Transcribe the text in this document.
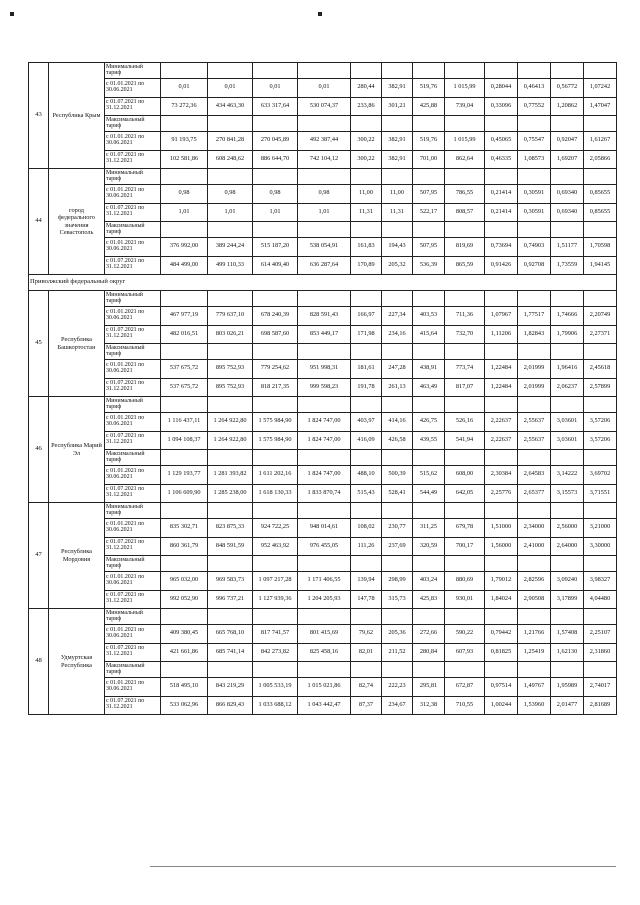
43	Республика Крым	Минимальный тариф												
		с 01.01.2021 по 30.06.2021	0,01	0,01	0,01	0,01	280,44	382,91	519,76	1 015,99	0,28044	0,46413	0,56772	1,07242
		с 01.07.2021 по 31.12.2021	73 272,36	434 463,30	633 317,64	530 074,37	233,86	301,21	425,88	739,04	0,33096	0,77552	1,20862	1,47047
		Максимальный тариф												
		с 01.01.2021 по 30.06.2021	91 193,75	270 841,28	270 045,89	492 387,44	300,22	382,91	519,76	1 015,99	0,45065	0,75547	0,92047	1,61267
		с 01.07.2021 по 31.12.2021	102 581,86	608 248,62	886 644,70	742 104,12	300,22	382,91	701,00	862,64	0,46335	1,08573	1,69207	2,05866
44	город федерального значения Севастополь	Минимальный тариф												
		с 01.01.2021 по 30.06.2021	0,98	0,98	0,98	0,98	11,00	11,00	507,95	786,55	0,21414	0,30591	0,69340	0,85655
		с 01.07.2021 по 31.12.2021	1,01	1,01	1,01	1,01	11,31	11,31	522,17	808,57	0,21414	0,30591	0,69340	0,85655
		Максимальный тариф												
		с 01.01.2021 по 30.06.2021	376 992,00	389 244,24	515 187,20	538 054,91	161,83	194,43	507,95	819,69	0,73694	0,74903	1,51177	1,70598
		с 01.07.2021 по 31.12.2021	484 499,00	499 110,33	614 409,40	636 287,64	170,89	205,32	536,39	865,59	0,91426	0,92708	1,73559	1,94145
Приволжский федеральный округ														
45	Республика Башкортостан	Минимальный тариф												
		с 01.01.2021 по 30.06.2021	467 977,19	779 637,10	678 240,39	828 591,43	166,97	227,34	403,53	711,36	1,07967	1,77517	1,74666	2,20749
		с 01.07.2021 по 31.12.2021	482 016,51	803 026,21	698 587,60	853 449,17	171,98	234,16	415,64	732,70	1,11206	1,82843	1,79906	2,27371
		Максимальный тариф												
		с 01.01.2021 по 30.06.2021	537 675,72	895 752,93	779 254,62	951 998,31	181,61	247,28	438,91	773,74	1,22484	2,01999	1,96416	2,45618
		с 01.07.2021 по 31.12.2021	537 675,72	895 752,93	818 217,35	999 598,23	191,78	261,13	463,49	817,07	1,22484	2,01999	2,06237	2,57899
46	Республика Марий Эл	Минимальный тариф												
		с 01.01.2021 по 30.06.2021	1 116 437,11	1 264 922,80	1 575 984,90	1 824 747,00	403,97	414,16	426,75	526,16	2,22637	2,55637	3,03601	3,57206
		с 01.07.2021 по 31.12.2021	1 094 108,37	1 264 922,80	1 575 984,90	1 824 747,00	416,09	426,58	439,55	541,94	2,22637	2,55637	3,03601	3,57206
		Максимальный тариф												
		с 01.01.2021 по 30.06.2021	1 129 193,77	1 281 393,82	1 611 202,16	1 824 747,00	488,10	500,39	515,62	608,00	2,30384	2,64583	3,14222	3,69702
		с 01.07.2021 по 31.12.2021	1 106 609,90	1 285 238,00	1 618 130,33	1 833 870,74	515,43	528,41	544,49	642,05	2,25776	2,65377	3,15573	3,71551
47	Республика Мордовия	Минимальный тариф												
		с 01.01.2021 по 30.06.2021	835 302,71	823 875,33	924 722,25	948 014,61	108,02	230,77	311,25	679,78	1,51000	2,34000	2,56000	3,21000
		с 01.07.2021 по 31.12.2021	860 361,79	848 591,59	952 463,92	976 455,05	111,26	237,69	320,59	700,17	1,56000	2,41000	2,64000	3,30000
		Максимальный тариф												
		с 01.01.2021 по 30.06.2021	965 032,00	969 583,73	1 097 217,28	1 171 406,55	139,94	298,99	403,24	880,69	1,79012	2,82596	3,09240	3,98327
		с 01.07.2021 по 31.12.2021	992 052,90	996 737,21	1 127 939,36	1 204 205,93	147,78	315,73	425,83	930,01	1,84024	2,90508	3,17899	4,04480
48	Удмуртская Республика	Минимальный тариф												
		с 01.01.2021 по 30.06.2021	409 380,45	665 768,10	817 741,57	801 415,69	79,62	205,36	272,66	590,22	0,79442	1,21766	1,57408	2,25107
		с 01.07.2021 по 31.12.2021	421 661,86	685 741,14	842 273,82	825 458,16	82,01	211,52	280,84	607,93	0,81825	1,25419	1,62130	2,31860
		Максимальный тариф												
		с 01.01.2021 по 30.06.2021	518 495,10	843 219,29	1 005 533,19	1 015 021,86	82,74	222,23	295,81	672,87	0,97514	1,49767	1,95989	2,74017
		с 01.07.2021 по 31.12.2021	533 062,96	866 829,43	1 033 688,12	1 043 442,47	87,37	234,67	312,38	710,55	1,00244	1,53960	2,01477	2,81689
